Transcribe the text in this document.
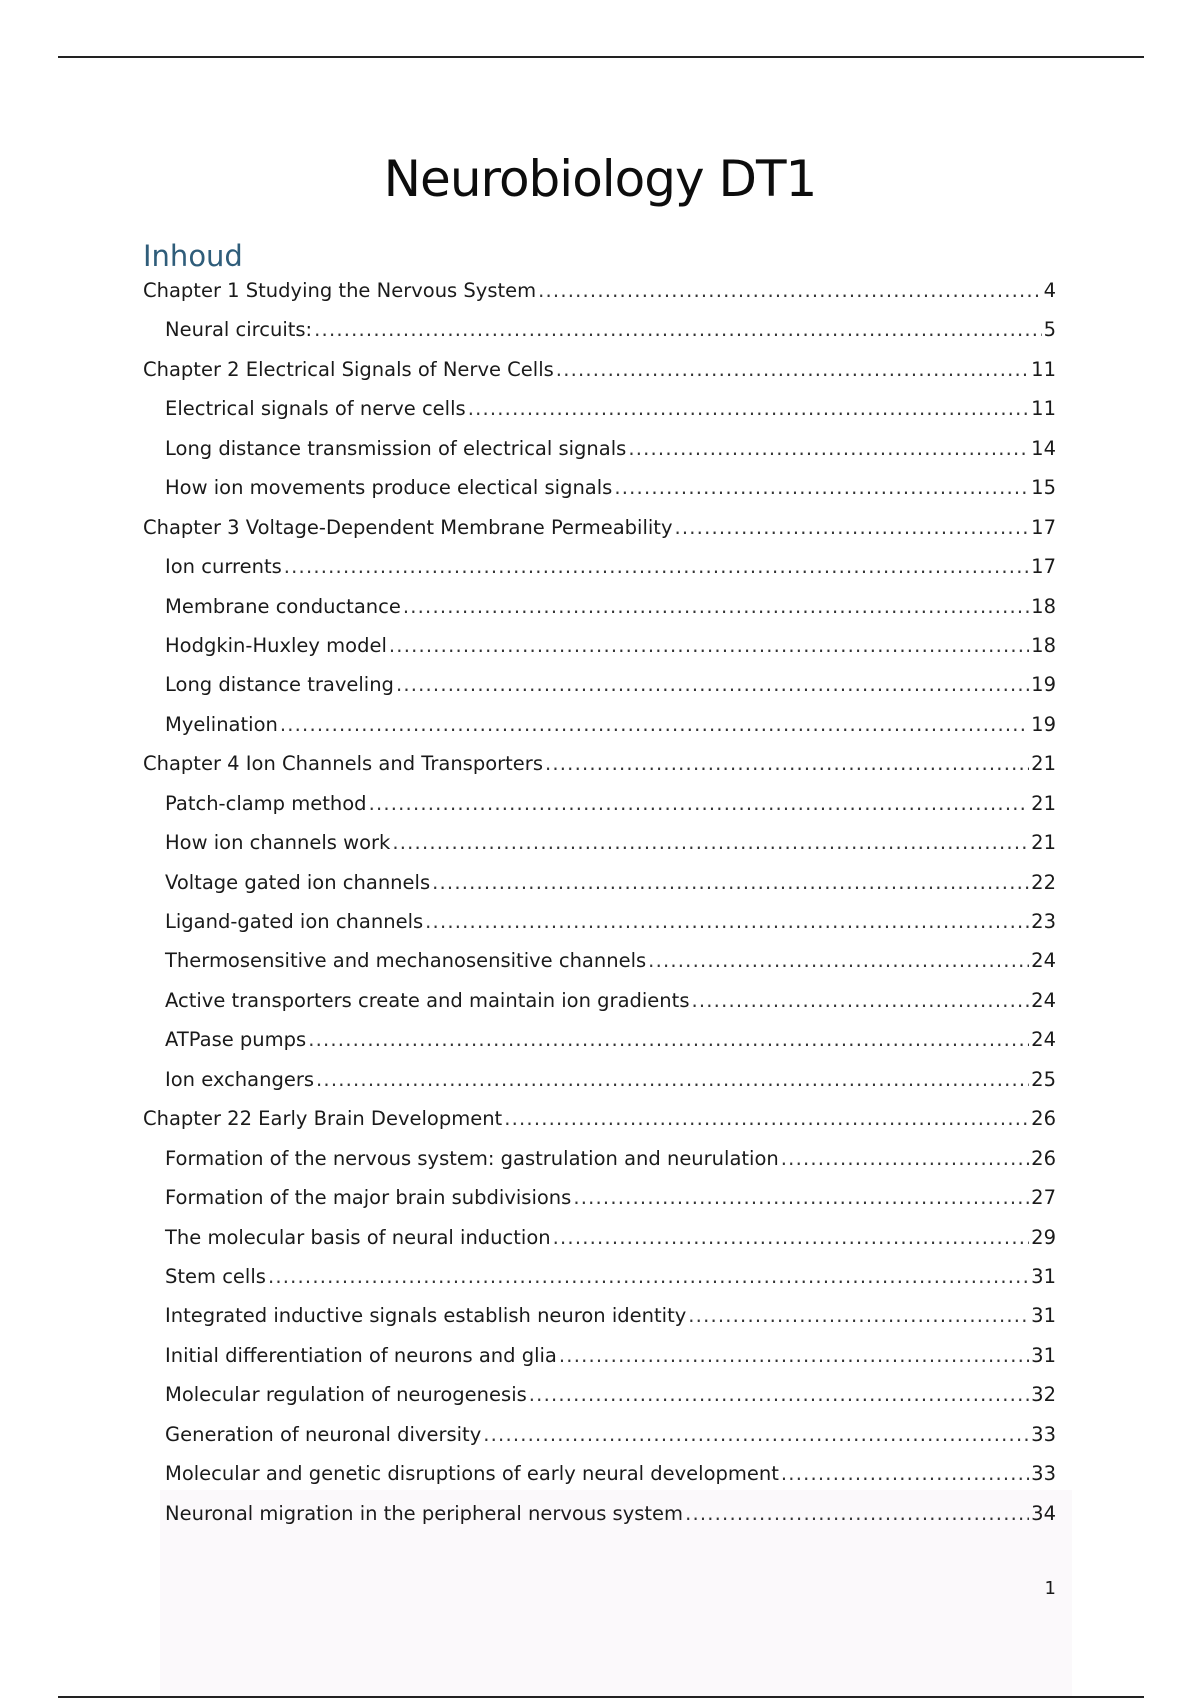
Neurobiology DT1
Inhoud
Chapter 1 Studying the Nervous System .....	4
Neural circuits: .....	5
Chapter 2 Electrical Signals of Nerve Cells .....	11
Electrical signals of nerve cells .....	11
Long distance transmission of electrical signals .....	14
How ion movements produce electical signals .....	15
Chapter 3 Voltage-Dependent Membrane Permeability .....	17
Ion currents .....	17
Membrane conductance .....	18
Hodgkin-Huxley model .....	18
Long distance traveling .....	19
Myelination .....	19
Chapter 4 Ion Channels and Transporters .....	21
Patch-clamp method .....	21
How ion channels work .....	21
Voltage gated ion channels .....	22
Ligand-gated ion channels .....	23
Thermosensitive and mechanosensitive channels .....	24
Active transporters create and maintain ion gradients .....	24
ATPase pumps .....	24
Ion exchangers .....	25
Chapter 22 Early Brain Development .....	26
Formation of the nervous system: gastrulation and neurulation .....	26
Formation of the major brain subdivisions .....	27
The molecular basis of neural induction .....	29
Stem cells .....	31
Integrated inductive signals establish neuron identity .....	31
Initial differentiation of neurons and glia .....	31
Molecular regulation of neurogenesis .....	32
Generation of neuronal diversity .....	33
Molecular and genetic disruptions of early neural development .....	33
Neuronal migration in the peripheral nervous system .....	34
1
